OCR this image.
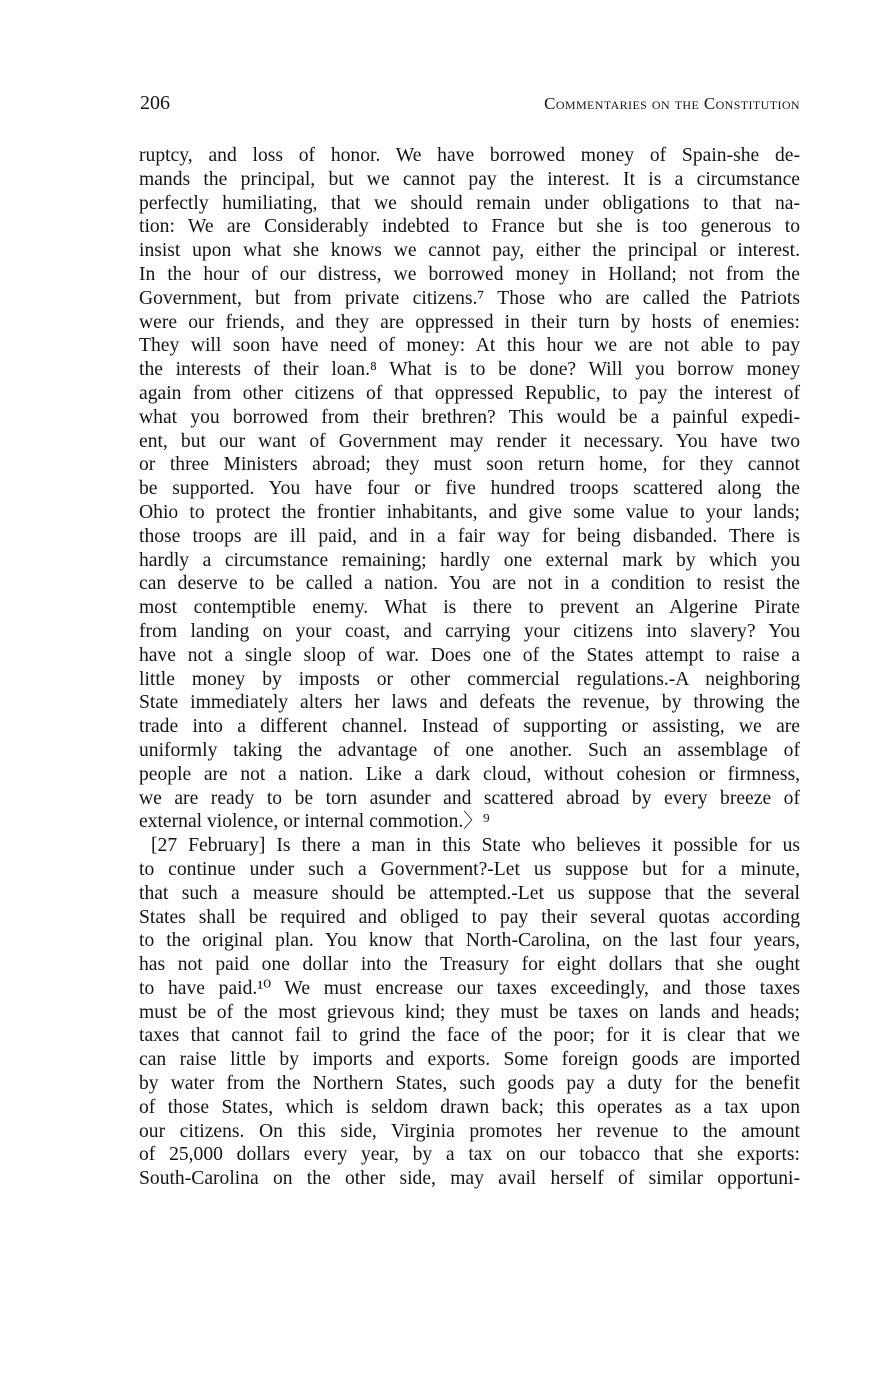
206	Commentaries on the Constitution
ruptcy, and loss of honor. We have borrowed money of Spain-she de-
mands the principal, but we cannot pay the interest. It is a circumstance
perfectly humiliating, that we should remain under obligations to that na-
tion: We are Considerably indebted to France but she is too generous to
insist upon what she knows we cannot pay, either the principal or interest.
In the hour of our distress, we borrowed money in Holland; not from the
Government, but from private citizens.⁷ Those who are called the Patriots
were our friends, and they are oppressed in their turn by hosts of enemies:
They will soon have need of money: At this hour we are not able to pay
the interests of their loan.⁸ What is to be done? Will you borrow money
again from other citizens of that oppressed Republic, to pay the interest of
what you borrowed from their brethren? This would be a painful expedi-
ent, but our want of Government may render it necessary. You have two
or three Ministers abroad; they must soon return home, for they cannot
be supported. You have four or five hundred troops scattered along the
Ohio to protect the frontier inhabitants, and give some value to your lands;
those troops are ill paid, and in a fair way for being disbanded. There is
hardly a circumstance remaining; hardly one external mark by which you
can deserve to be called a nation. You are not in a condition to resist the
most contemptible enemy. What is there to prevent an Algerine Pirate
from landing on your coast, and carrying your citizens into slavery? You
have not a single sloop of war. Does one of the States attempt to raise a
little money by imposts or other commercial regulations.-A neighboring
State immediately alters her laws and defeats the revenue, by throwing the
trade into a different channel. Instead of supporting or assisting, we are
uniformly taking the advantage of one another. Such an assemblage of
people are not a nation. Like a dark cloud, without cohesion or firmness,
we are ready to be torn asunder and scattered abroad by every breeze of
external violence, or internal commotion.〉⁹
[27 February] Is there a man in this State who believes it possible for us
to continue under such a Government?-Let us suppose but for a minute,
that such a measure should be attempted.-Let us suppose that the several
States shall be required and obliged to pay their several quotas according
to the original plan. You know that North-Carolina, on the last four years,
has not paid one dollar into the Treasury for eight dollars that she ought
to have paid.¹⁰ We must encrease our taxes exceedingly, and those taxes
must be of the most grievous kind; they must be taxes on lands and heads;
taxes that cannot fail to grind the face of the poor; for it is clear that we
can raise little by imports and exports. Some foreign goods are imported
by water from the Northern States, such goods pay a duty for the benefit
of those States, which is seldom drawn back; this operates as a tax upon
our citizens. On this side, Virginia promotes her revenue to the amount
of 25,000 dollars every year, by a tax on our tobacco that she exports:
South-Carolina on the other side, may avail herself of similar opportuni-
